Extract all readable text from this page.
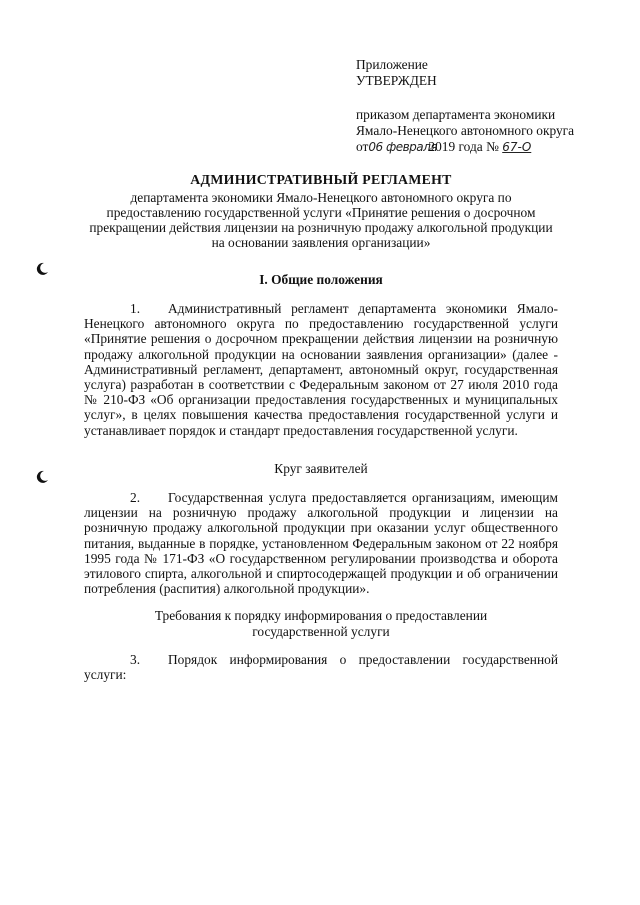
Приложение
УТВЕРЖДЕН
приказом департамента экономики
Ямало-Ненецкого автономного округа
от06 февраля2019 года № 67-О
АДМИНИСТРАТИВНЫЙ РЕГЛАМЕНТ
департамента экономики Ямало-Ненецкого автономного округа по предоставлению государственной услуги «Принятие решения о досрочном прекращении действия лицензии на розничную продажу алкогольной продукции на основании заявления организации»
I. Общие положения
1. Административный регламент департамента экономики Ямало-Ненецкого автономного округа по предоставлению государственной услуги «Принятие решения о досрочном прекращении действия лицензии на розничную продажу алкогольной продукции на основании заявления организации» (далее - Административный регламент, департамент, автономный округ, государственная услуга) разработан в соответствии с Федеральным законом от 27 июля 2010 года № 210-ФЗ «Об организации предоставления государственных и муниципальных услуг», в целях повышения качества предоставления государственной услуги и устанавливает порядок и стандарт предоставления государственной услуги.
Круг заявителей
2. Государственная услуга предоставляется организациям, имеющим лицензии на розничную продажу алкогольной продукции и лицензии на розничную продажу алкогольной продукции при оказании услуг общественного питания, выданные в порядке, установленном Федеральным законом от 22 ноября 1995 года № 171-ФЗ «О государственном регулировании производства и оборота этилового спирта, алкогольной и спиртосодержащей продукции и об ограничении потребления (распития) алкогольной продукции».
Требования к порядку информирования о предоставлении
государственной услуги
3. Порядок информирования о предоставлении государственной услуги:
